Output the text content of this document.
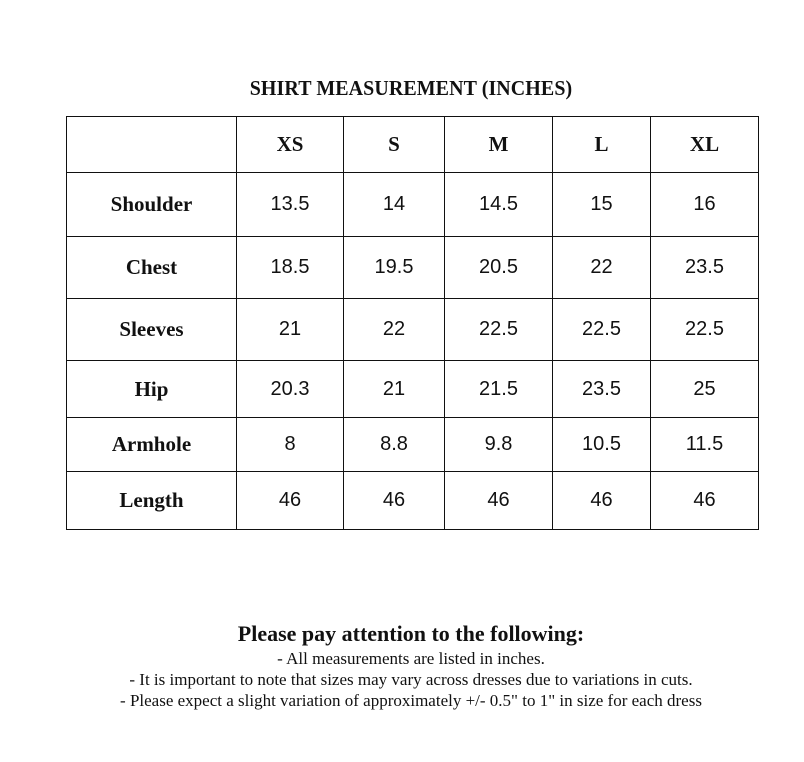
SHIRT MEASUREMENT (INCHES)
	XS	S	M	L	XL
Shoulder	13.5	14	14.5	15	16
Chest	18.5	19.5	20.5	22	23.5
Sleeves	21	22	22.5	22.5	22.5
Hip	20.3	21	21.5	23.5	25
Armhole	8	8.8	9.8	10.5	11.5
Length	46	46	46	46	46
Please pay attention to the following:
- All measurements are listed in inches.
- It is important to note that sizes may vary across dresses due to variations in cuts.
- Please expect a slight variation of approximately +/- 0.5" to 1" in size for each dress
